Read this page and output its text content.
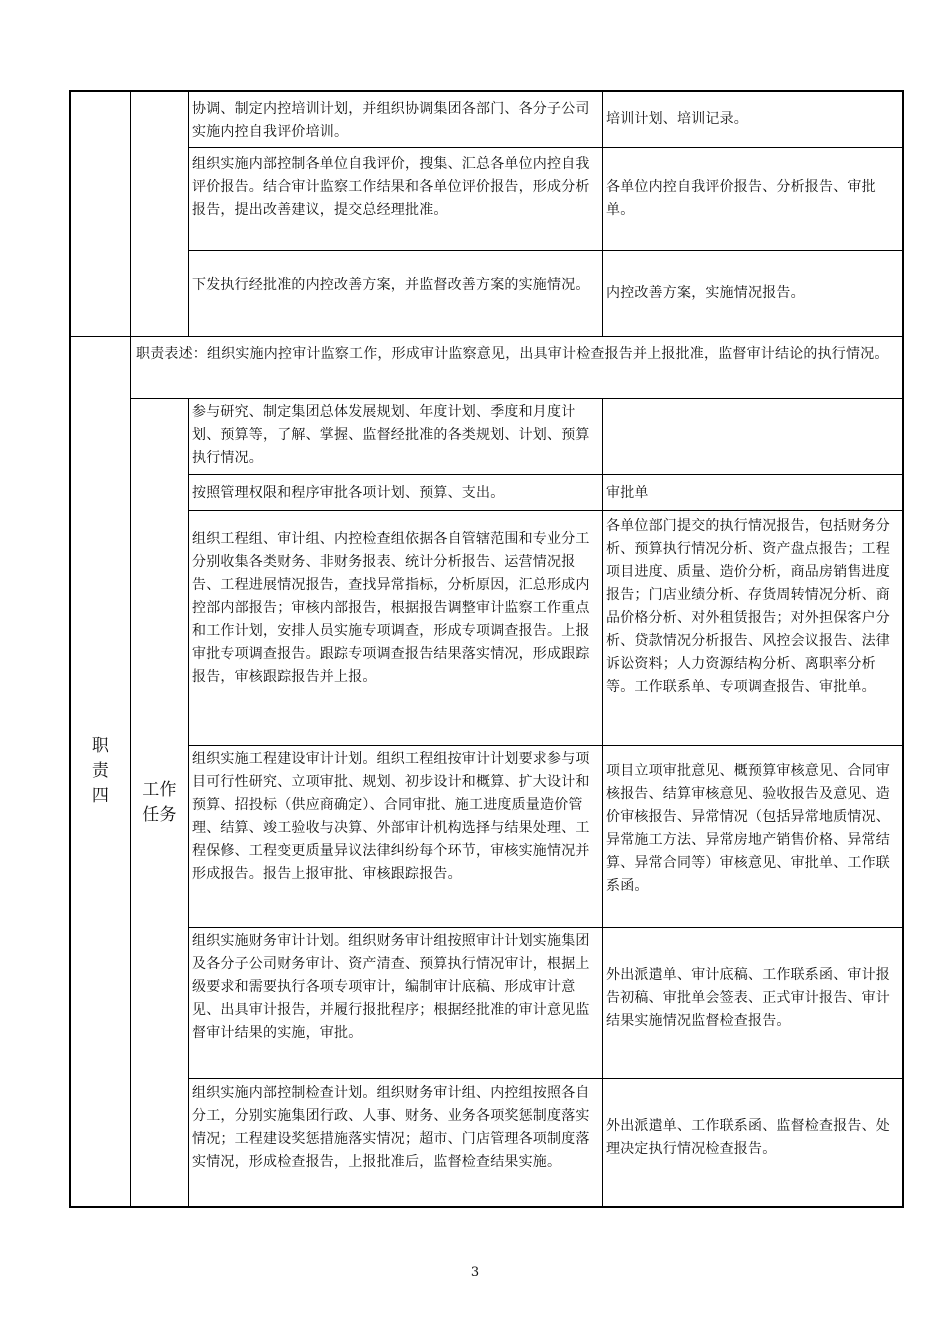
协调、制定内控培训计划，并组织协调集团各部门、各分子公司实施内控自我评价培训。
培训计划、培训记录。
组织实施内部控制各单位自我评价，搜集、汇总各单位内控自我评价报告。结合审计监察工作结果和各单位评价报告，形成分析报告，提出改善建议，提交总经理批准。
各单位内控自我评价报告、分析报告、审批单。
下发执行经批准的内控改善方案，并监督改善方案的实施情况。	内控改善方案，实施情况报告。
职
责
四
职责表述：组织实施内控审计监察工作，形成审计监察意见，出具审计检查报告并上报批准，监督审计结论的执行情况。
工作
任务
参与研究、制定集团总体发展规划、年度计划、季度和月度计划、预算等，了解、掌握、监督经批准的各类规划、计划、预算执行情况。
按照管理权限和程序审批各项计划、预算、支出。	审批单
组织工程组、审计组、内控检查组依据各自管辖范围和专业分工分别收集各类财务、非财务报表、统计分析报告、运营情况报告、工程进展情况报告，查找异常指标，分析原因，汇总形成内控部内部报告；审核内部报告，根据报告调整审计监察工作重点和工作计划，安排人员实施专项调查，形成专项调查报告。上报审批专项调查报告。跟踪专项调查报告结果落实情况，形成跟踪报告，审核跟踪报告并上报。
各单位部门提交的执行情况报告，包括财务分析、预算执行情况分析、资产盘点报告；工程项目进度、质量、造价分析，商品房销售进度报告；门店业绩分析、存货周转情况分析、商品价格分析、对外租赁报告；对外担保客户分析、贷款情况分析报告、风控会议报告、法律诉讼资料；人力资源结构分析、离职率分析等。工作联系单、专项调查报告、审批单。
组织实施工程建设审计计划。组织工程组按审计计划要求参与项目可行性研究、立项审批、规划、初步设计和概算、扩大设计和预算、招投标（供应商确定）、合同审批、施工进度质量造价管理、结算、竣工验收与决算、外部审计机构选择与结果处理、工程保修、工程变更质量异议法律纠纷每个环节，审核实施情况并形成报告。报告上报审批、审核跟踪报告。
项目立项审批意见、概预算审核意见、合同审核报告、结算审核意见、验收报告及意见、造价审核报告、异常情况（包括异常地质情况、异常施工方法、异常房地产销售价格、异常结算、异常合同等）审核意见、审批单、工作联系函。
组织实施财务审计计划。组织财务审计组按照审计计划实施集团及各分子公司财务审计、资产清查、预算执行情况审计，根据上级要求和需要执行各项专项审计，编制审计底稿、形成审计意见、出具审计报告，并履行报批程序；根据经批准的审计意见监督审计结果的实施，审批。
外出派遣单、审计底稿、工作联系函、审计报告初稿、审批单会签表、正式审计报告、审计结果实施情况监督检查报告。
组织实施内部控制检查计划。组织财务审计组、内控组按照各自分工，分别实施集团行政、人事、财务、业务各项奖惩制度落实情况；工程建设奖惩措施落实情况；超市、门店管理各项制度落实情况，形成检查报告，上报批准后，监督检查结果实施。
外出派遣单、工作联系函、监督检查报告、处理决定执行情况检查报告。
3
